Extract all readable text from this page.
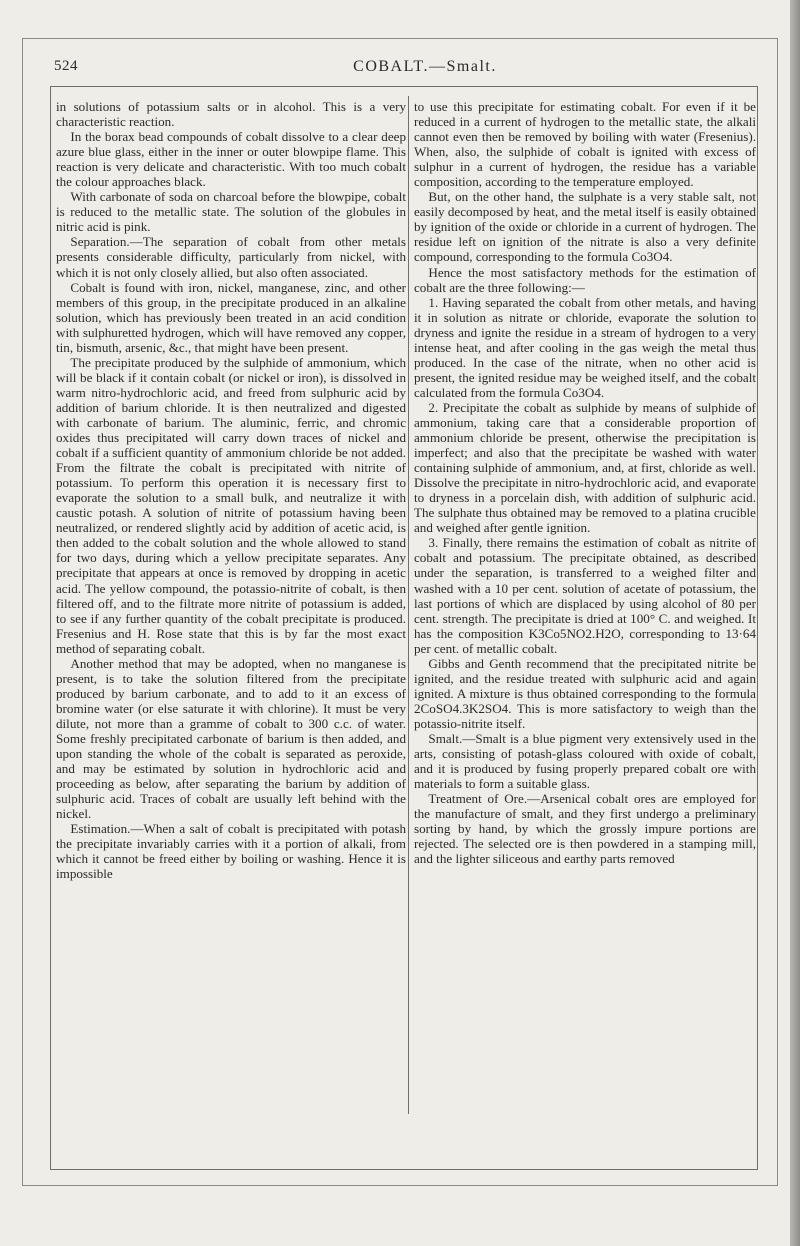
524	COBALT.—Smalt.

in solutions of potassium salts or in alcohol. This is a very characteristic reaction.

In the borax bead compounds of cobalt dissolve to a clear deep azure blue glass, either in the inner or outer blowpipe flame. This reaction is very delicate and characteristic. With too much cobalt the colour approaches black.

With carbonate of soda on charcoal before the blowpipe, cobalt is reduced to the metallic state. The solution of the globules in nitric acid is pink.

Separation.—The separation of cobalt from other metals presents considerable difficulty, particularly from nickel, with which it is not only closely allied, but also often associated.

Cobalt is found with iron, nickel, manganese, zinc, and other members of this group, in the precipitate produced in an alkaline solution, which has previously been treated in an acid condition with sulphuretted hydrogen, which will have removed any copper, tin, bismuth, arsenic, &c., that might have been present.

The precipitate produced by the sulphide of ammonium, which will be black if it contain cobalt (or nickel or iron), is dissolved in warm nitro-hydrochloric acid, and freed from sulphuric acid by addition of barium chloride. It is then neutralized and digested with carbonate of barium. The aluminic, ferric, and chromic oxides thus precipitated will carry down traces of nickel and cobalt if a sufficient quantity of ammonium chloride be not added. From the filtrate the cobalt is precipitated with nitrite of potassium. To perform this operation it is necessary first to evaporate the solution to a small bulk, and neutralize it with caustic potash. A solution of nitrite of potassium having been neutralized, or rendered slightly acid by addition of acetic acid, is then added to the cobalt solution and the whole allowed to stand for two days, during which a yellow precipitate separates. Any precipitate that appears at once is removed by dropping in acetic acid. The yellow compound, the potassio-nitrite of cobalt, is then filtered off, and to the filtrate more nitrite of potassium is added, to see if any further quantity of the cobalt precipitate is produced. Fresenius and H. Rose state that this is by far the most exact method of separating cobalt.

Another method that may be adopted, when no manganese is present, is to take the solution filtered from the precipitate produced by barium carbonate, and to add to it an excess of bromine water (or else saturate it with chlorine). It must be very dilute, not more than a gramme of cobalt to 300 c.c. of water. Some freshly precipitated carbonate of barium is then added, and upon standing the whole of the cobalt is separated as peroxide, and may be estimated by solution in hydrochloric acid and proceeding as below, after separating the barium by addition of sulphuric acid. Traces of cobalt are usually left behind with the nickel.

Estimation.—When a salt of cobalt is precipitated with potash the precipitate invariably carries with it a portion of alkali, from which it cannot be freed either by boiling or washing. Hence it is impossible

to use this precipitate for estimating cobalt. For even if it be reduced in a current of hydrogen to the metallic state, the alkali cannot even then be removed by boiling with water (Fresenius). When, also, the sulphide of cobalt is ignited with excess of sulphur in a current of hydrogen, the residue has a variable composition, according to the temperature employed.

But, on the other hand, the sulphate is a very stable salt, not easily decomposed by heat, and the metal itself is easily obtained by ignition of the oxide or chloride in a current of hydrogen. The residue left on ignition of the nitrate is also a very definite compound, corresponding to the formula Co3O4.

Hence the most satisfactory methods for the estimation of cobalt are the three following:—

1. Having separated the cobalt from other metals, and having it in solution as nitrate or chloride, evaporate the solution to dryness and ignite the residue in a stream of hydrogen to a very intense heat, and after cooling in the gas weigh the metal thus produced. In the case of the nitrate, when no other acid is present, the ignited residue may be weighed itself, and the cobalt calculated from the formula Co3O4.

2. Precipitate the cobalt as sulphide by means of sulphide of ammonium, taking care that a considerable proportion of ammonium chloride be present, otherwise the precipitation is imperfect; and also that the precipitate be washed with water containing sulphide of ammonium, and, at first, chloride as well. Dissolve the precipitate in nitro-hydrochloric acid, and evaporate to dryness in a porcelain dish, with addition of sulphuric acid. The sulphate thus obtained may be removed to a platina crucible and weighed after gentle ignition.

3. Finally, there remains the estimation of cobalt as nitrite of cobalt and potassium. The precipitate obtained, as described under the separation, is transferred to a weighed filter and washed with a 10 per cent. solution of acetate of potassium, the last portions of which are displaced by using alcohol of 80 per cent. strength. The precipitate is dried at 100° C. and weighed. It has the composition K3Co5NO2.H2O, corresponding to 13·64 per cent. of metallic cobalt.

Gibbs and Genth recommend that the precipitated nitrite be ignited, and the residue treated with sulphuric acid and again ignited. A mixture is thus obtained corresponding to the formula 2CoSO4.3K2SO4. This is more satisfactory to weigh than the potassio-nitrite itself.

Smalt.—Smalt is a blue pigment very extensively used in the arts, consisting of potash-glass coloured with oxide of cobalt, and it is produced by fusing properly prepared cobalt ore with materials to form a suitable glass.

Treatment of Ore.—Arsenical cobalt ores are employed for the manufacture of smalt, and they first undergo a preliminary sorting by hand, by which the grossly impure portions are rejected. The selected ore is then powdered in a stamping mill, and the lighter siliceous and earthy parts removed
